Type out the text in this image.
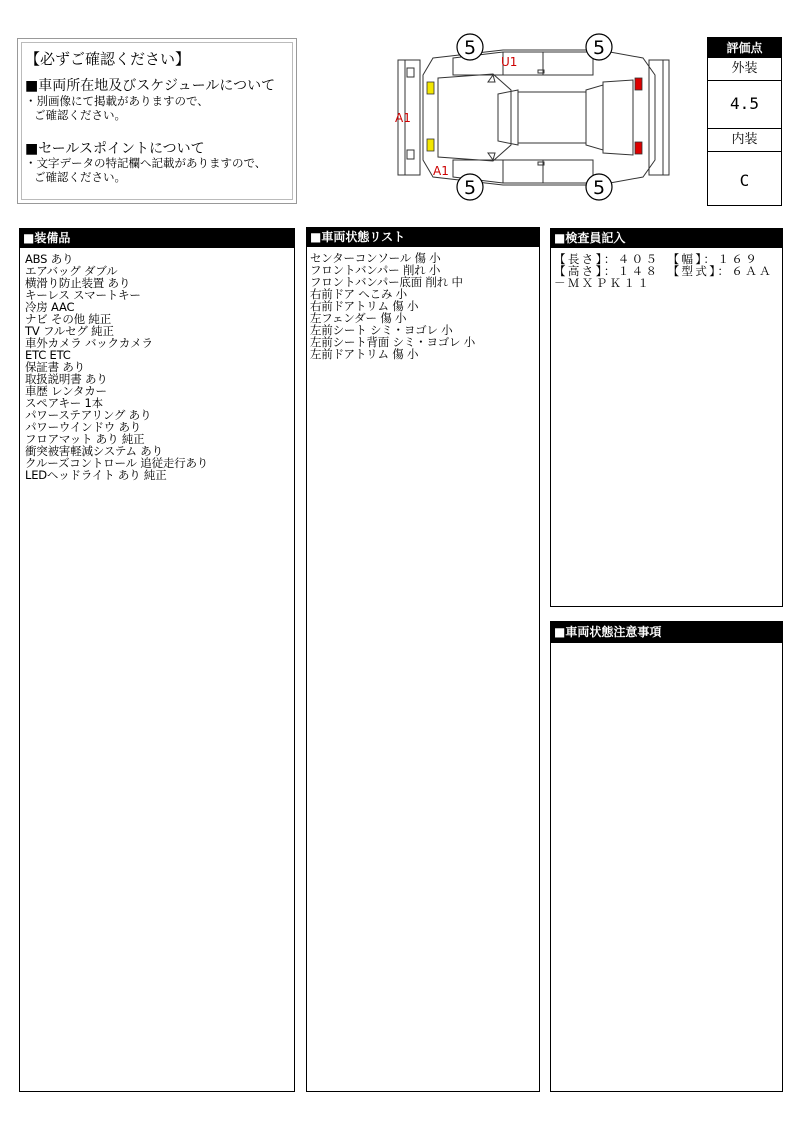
【必ずご確認ください】
■車両所在地及びスケジュールについて
・別画像にて掲載がありますので、
ご確認ください。
■セールスポイントについて
・文字データの特記欄へ記載がありますので、
ご確認ください。
5	5
5	5
U1
A1
A1
評価点
外装
4.5
内装
C
■装備品
ABS あり
エアバッグ ダブル
横滑り防止装置 あり
キーレス スマートキー
冷房 AAC
ナビ その他 純正
TV フルセグ 純正
車外カメラ バックカメラ
ETC ETC
保証書 あり
取扱説明書 あり
車歴 レンタカー
スペアキー 1本
パワーステアリング あり
パワーウインドウ あり
フロアマット あり 純正
衝突被害軽減システム あり
クルーズコントロール 追従走行あり
LEDヘッドライト あり 純正
■車両状態リスト
センターコンソール 傷 小
フロントバンパー 削れ 小
フロントバンパー底面 削れ 中
右前ドア へこみ 小
右前ドアトリム 傷 小
左フェンダー 傷 小
左前シート シミ・ヨゴレ 小
左前シート背面 シミ・ヨゴレ 小
左前ドアトリム 傷 小
■検査員記入
【長さ】：４０５　【幅】：１６９　【高さ】：１４８　【型式】：６ＡＡ－ＭＸＰＫ１１
■車両状態注意事項
